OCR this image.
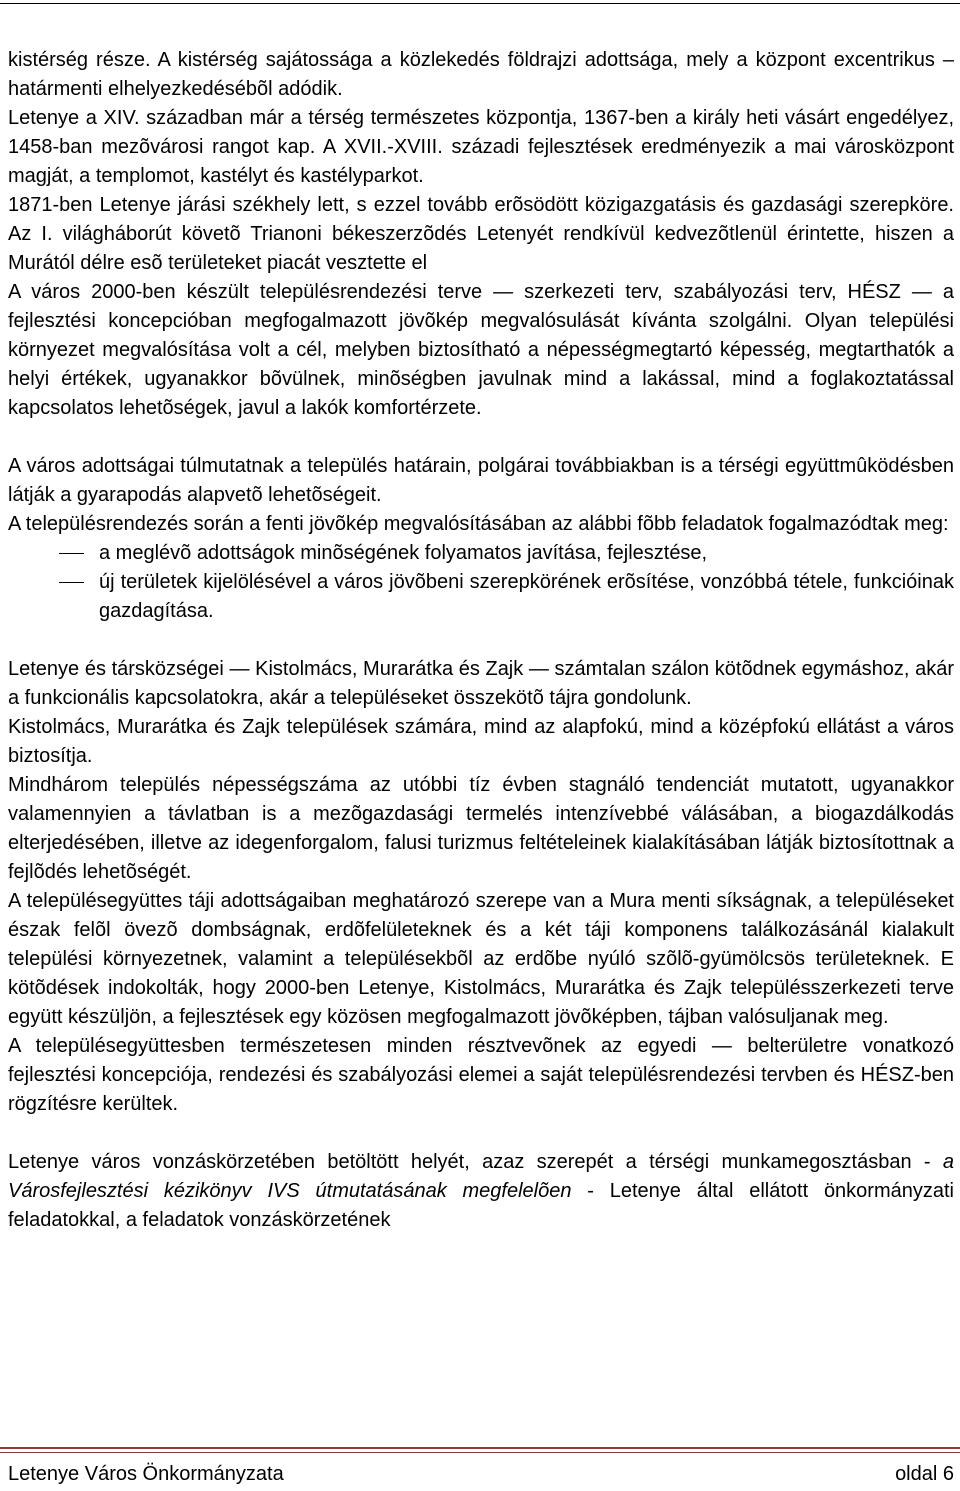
kistérség része. A kistérség sajátossága a közlekedés földrajzi adottsága, mely a központ excentrikus – határmenti elhelyezkedésébõl adódik.

Letenye a XIV. században már a térség természetes központja, 1367-ben a király heti vásárt engedélyez, 1458-ban mezõvárosi rangot kap. A XVII.-XVIII. századi fejlesztések eredményezik a mai városközpont magját, a templomot, kastélyt és kastélyparkot.

1871-ben Letenye járási székhely lett, s ezzel tovább erõsödött közigazgatásis és gazdasági szerepköre. Az I. világháborút követõ Trianoni békeszerzõdés Letenyét rendkívül kedvezõtlenül érintette, hiszen a Murától délre esõ területeket piacát vesztette el

A város 2000-ben készült településrendezési terve — szerkezeti terv, szabályozási terv, HÉSZ — a fejlesztési koncepcióban megfogalmazott jövõkép megvalósulását kívánta szolgálni. Olyan települési környezet megvalósítása volt a cél, melyben biztosítható a népességmegtartó képesség, megtarthatók a helyi értékek, ugyanakkor bõvülnek, minõségben javulnak mind a lakással, mind a foglakoztatással kapcsolatos lehetõségek, javul a lakók komfortérzete.

A város adottságai túlmutatnak a település határain, polgárai továbbiakban is a térségi együttmûködésben látják a gyarapodás alapvetõ lehetõségeit.

A településrendezés során a fenti jövõkép megvalósításában az alábbi fõbb feladatok fogalmazódtak meg:

a meglévõ adottságok minõségének folyamatos javítása, fejlesztése,
új területek kijelölésével a város jövõbeni szerepkörének erõsítése, vonzóbbá tétele, funkcióinak gazdagítása.

Letenye és társközségei — Kistolmács, Murarátka és Zajk — számtalan szálon kötõdnek egymáshoz, akár a funkcionális kapcsolatokra, akár a településeket összekötõ tájra gondolunk.

Kistolmács, Murarátka és Zajk települések számára, mind az alapfokú, mind a középfokú ellátást a város biztosítja.

Mindhárom település népességszáma az utóbbi tíz évben stagnáló tendenciát mutatott, ugyanakkor valamennyien a távlatban is a mezõgazdasági termelés intenzívebbé válásában, a biogazdálkodás elterjedésében, illetve az idegenforgalom, falusi turizmus feltételeinek kialakításában látják biztosítottnak a fejlõdés lehetõségét.

A településegyüttes táji adottságaiban meghatározó szerepe van a Mura menti síkságnak, a településeket észak felõl övezõ dombságnak, erdõfelületeknek és a két táji komponens találkozásánál kialakult települési környezetnek, valamint a településekbõl az erdõbe nyúló szõlõ-gyümölcsös területeknek. E kötõdések indokolták, hogy 2000-ben Letenye, Kistolmács, Murarátka és Zajk településszerkezeti terve együtt készüljön, a fejlesztések egy közösen megfogalmazott jövõképben, tájban valósuljanak meg.

A településegyüttesben természetesen minden résztvevõnek az egyedi — belterületre vonatkozó fejlesztési koncepciója, rendezési és szabályozási elemei a saját településrendezési tervben és HÉSZ-ben rögzítésre kerültek.

Letenye város vonzáskörzetében betöltött helyét, azaz szerepét a térségi munkamegosztásban - a Városfejlesztési kézikönyv IVS útmutatásának megfelelõen - Letenye által ellátott önkormányzati feladatokkal, a feladatok vonzáskörzetének

Letenye Város Önkormányzata	oldal 6
